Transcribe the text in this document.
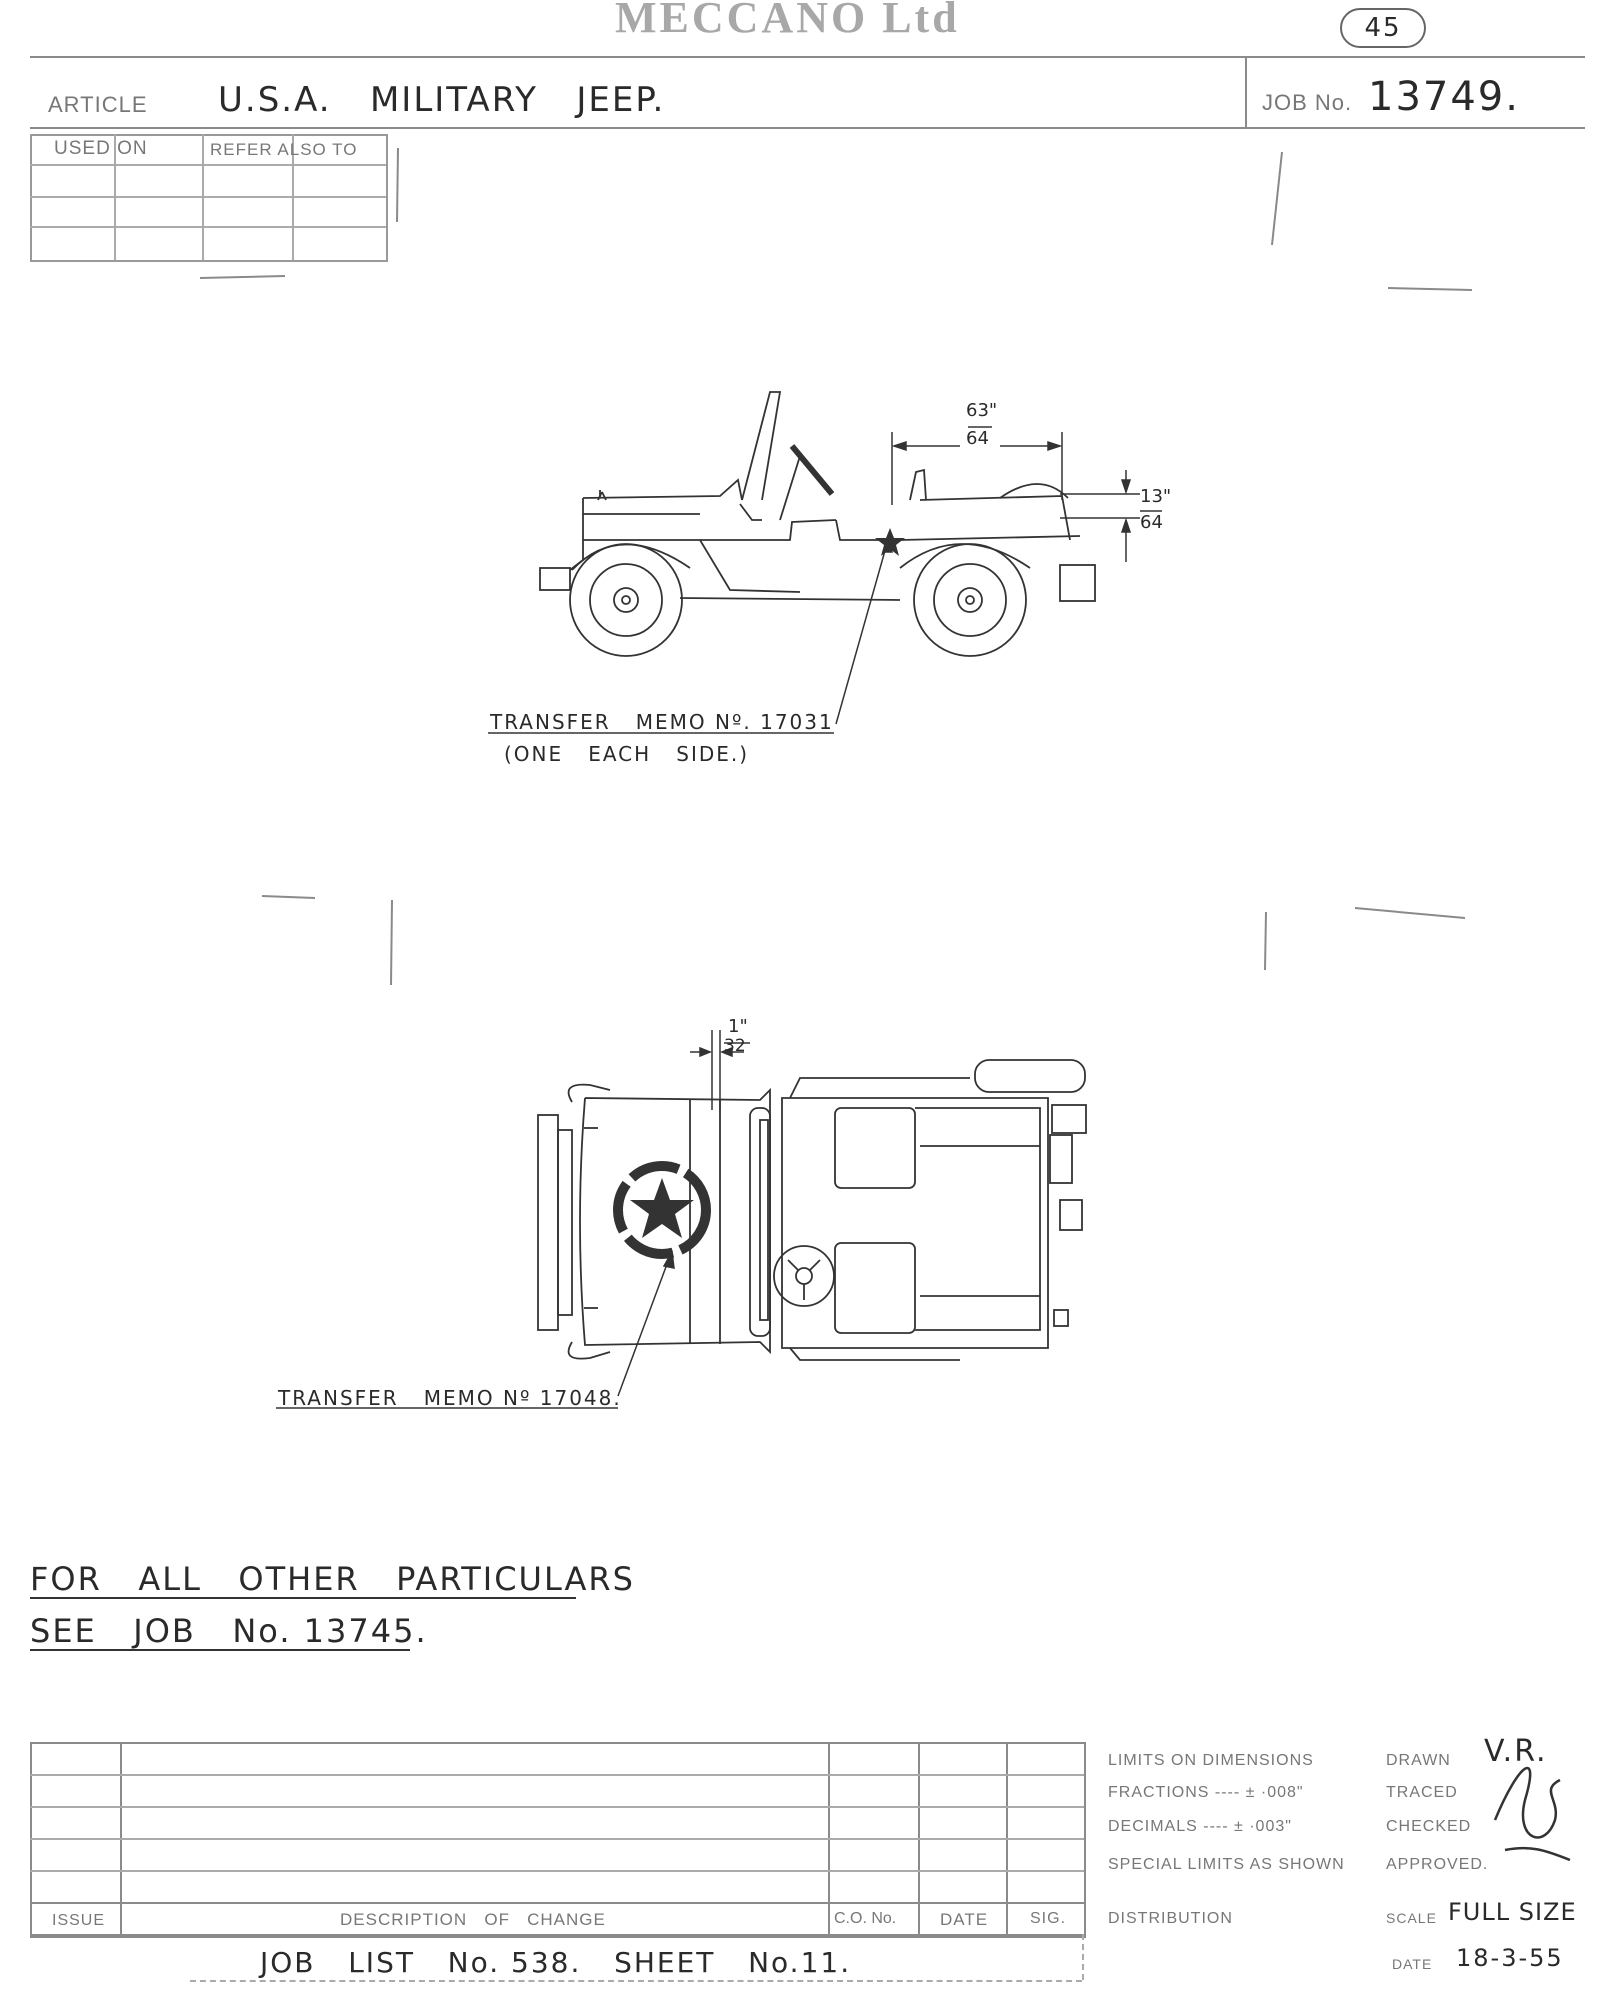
MECCANO Ltd	45
ARTICLE U.S.A.   MILITARY   JEEP.	JOB No. 13749.
USED ON	REFER ALSO TO
63"
64
13"
64
TRANSFER   MEMO Nº. 17031
(ONE   EACH   SIDE.)
1"
32
TRANSFER   MEMO Nº 17048.
FOR   ALL   OTHER   PARTICULARS
SEE   JOB   No. 13745.
ISSUE	DESCRIPTION   OF   CHANGE	C.O. No.	DATE	SIG.
JOB   LIST   No. 538.   SHEET   No.11.
LIMITS ON DIMENSIONS
FRACTIONS ---- ± ·008"
DECIMALS ---- ± ·003"
SPECIAL LIMITS AS SHOWN
DISTRIBUTION
DRAWN V.R.
TRACED
CHECKED
APPROVED.
SCALE FULL SIZE
DATE 18-3-55
